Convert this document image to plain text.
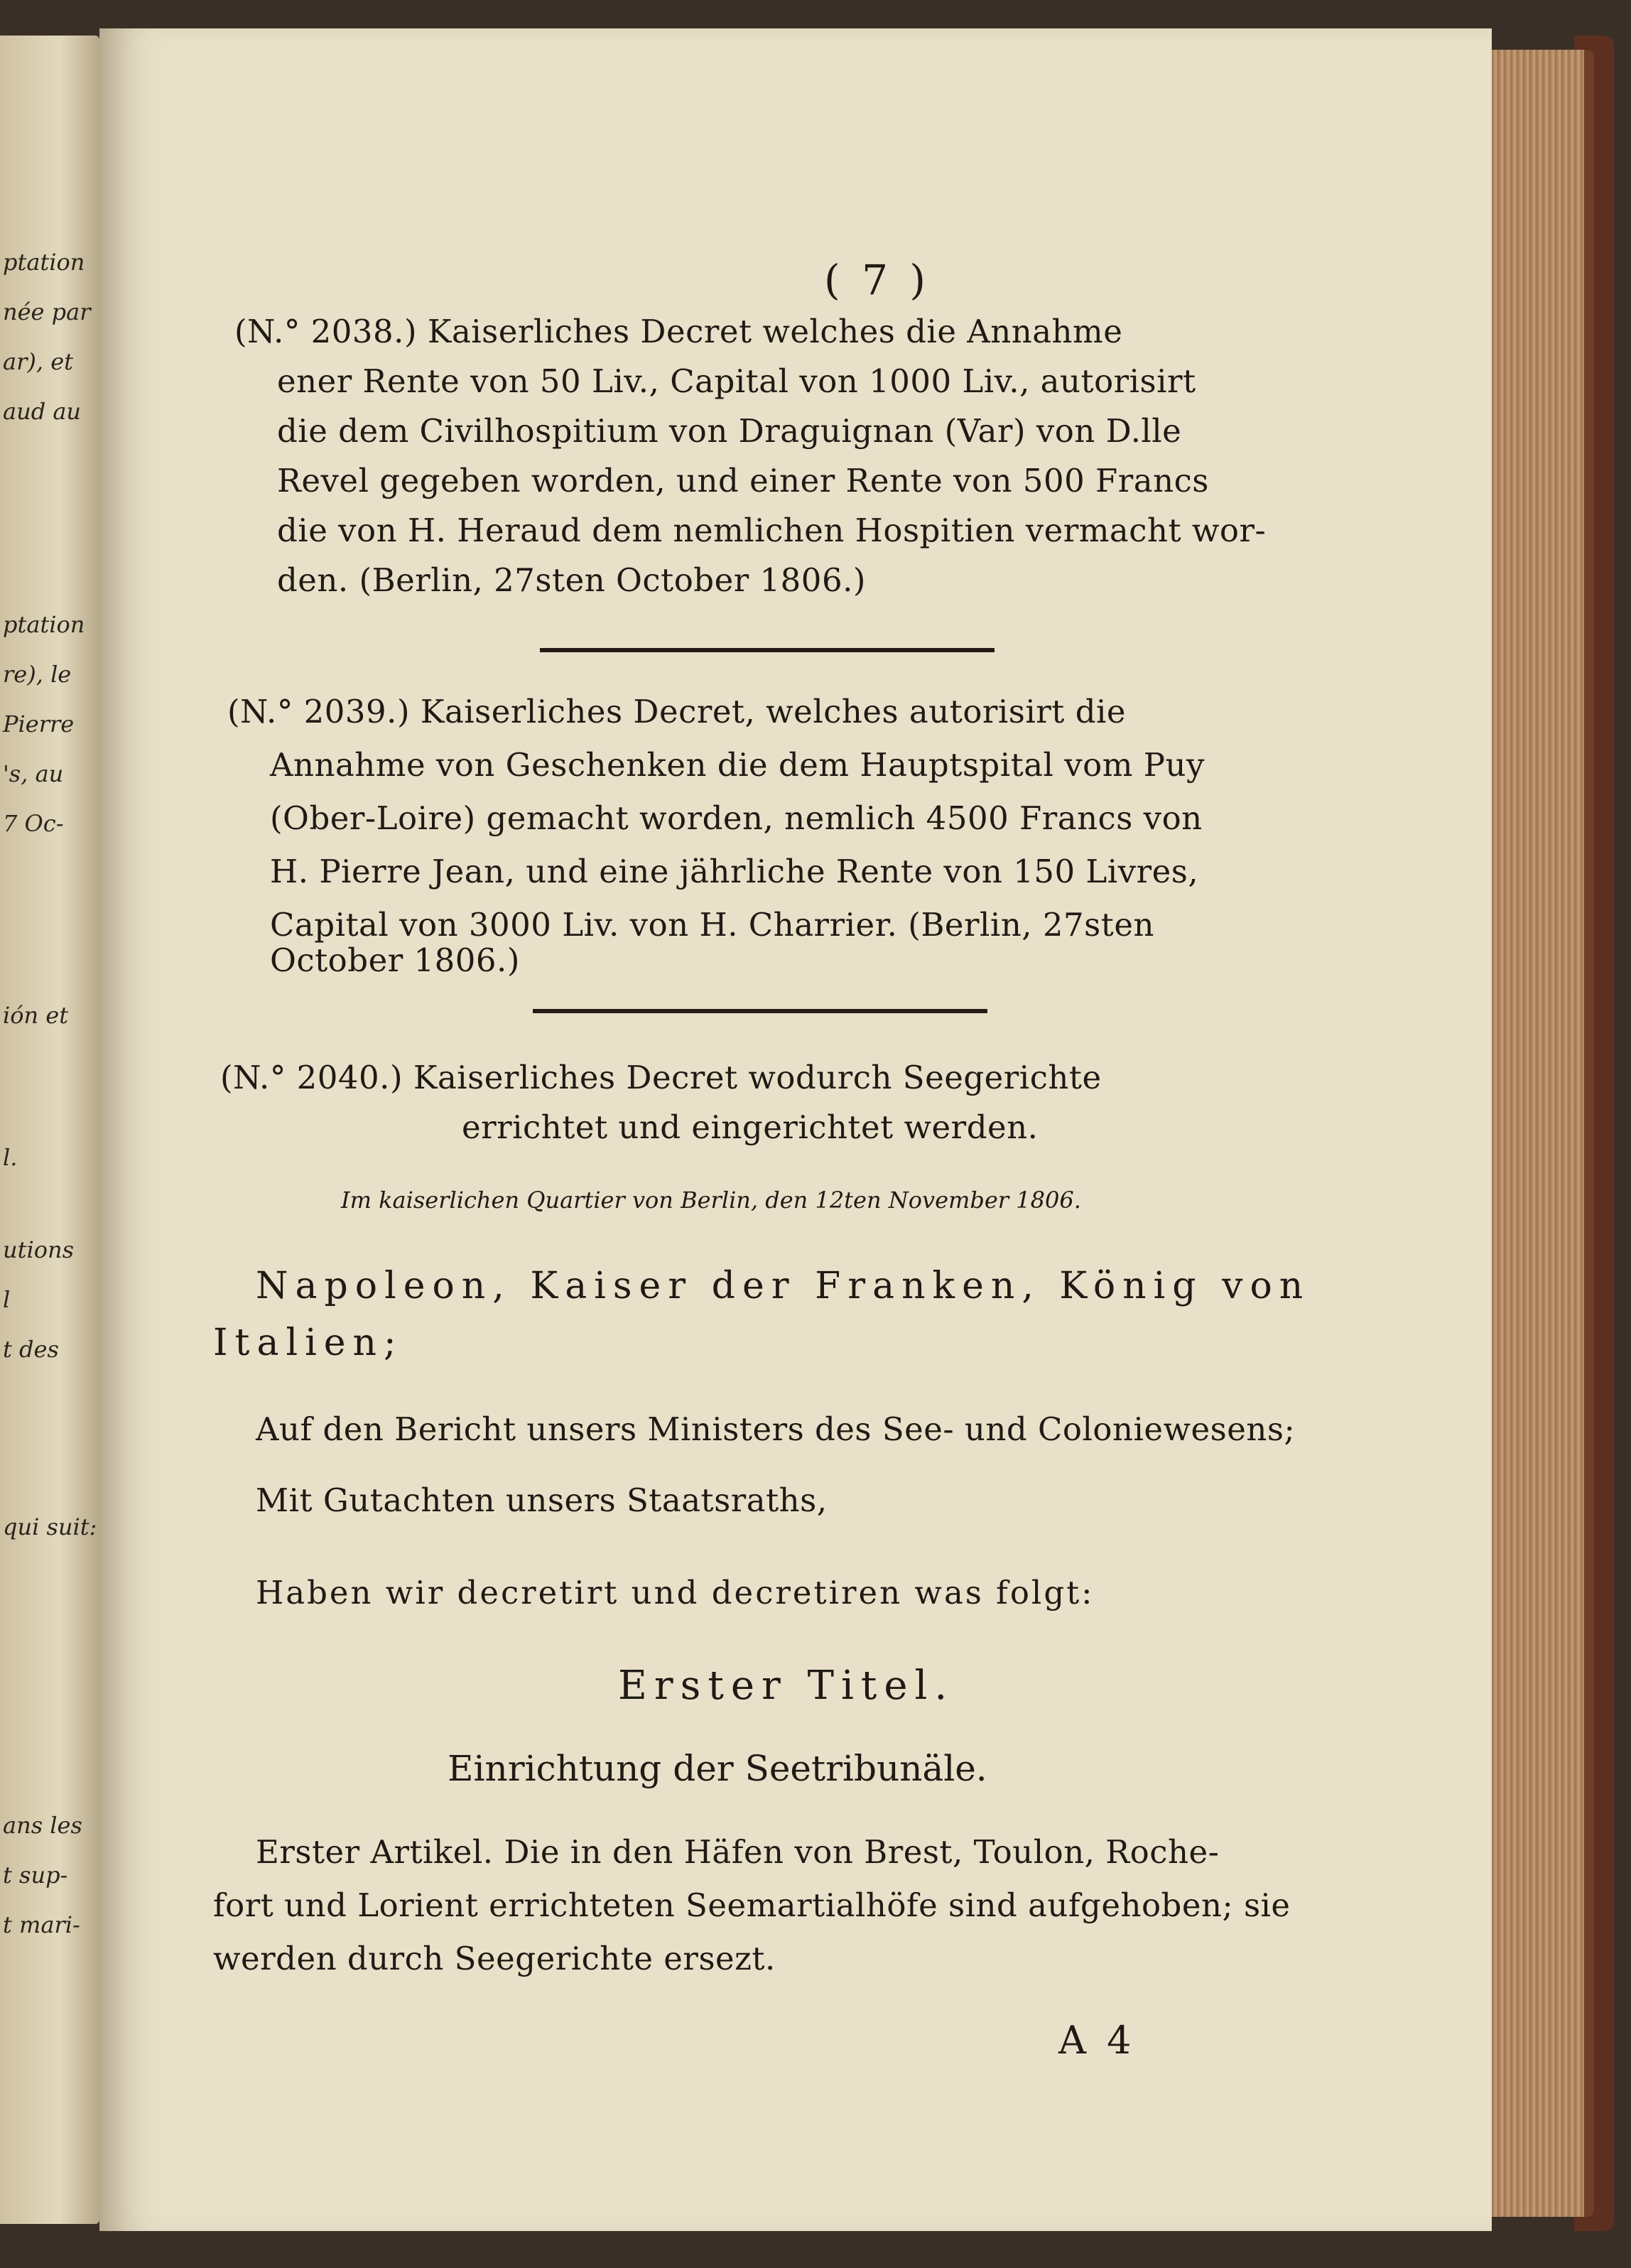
ptation
née par
ar), et
aud au
ptation
re), le
Pierre
's, au
7 Oc-
ión et
l.
utions
l
t des
qui suit:
ans les
t sup-
t mari-
( 7 )
(N.° 2038.) Kaiserliches Decret welches die Annahme
ener Rente von 50 Liv., Capital von 1000 Liv., autorisirt
die dem Civilhospitium von Draguignan (Var) von D.lle
Revel gegeben worden, und einer Rente von 500 Francs
die von H. Heraud dem nemlichen Hospitien vermacht wor-
den. (Berlin, 27sten October 1806.)
(N.° 2039.) Kaiserliches Decret, welches autorisirt die
Annahme von Geschenken die dem Hauptspital vom Puy
(Ober-Loire) gemacht worden, nemlich 4500 Francs von
H. Pierre Jean, und eine jährliche Rente von 150 Livres,
Capital von 3000 Liv. von H. Charrier. (Berlin, 27sten
October 1806.)
(N.° 2040.) Kaiserliches Decret wodurch Seegerichte
errichtet und eingerichtet werden.
Im kaiserlichen Quartier von Berlin, den 12ten November 1806.
Napoleon, Kaiser der Franken, König von
Italien;
Auf den Bericht unsers Ministers des See- und Coloniewesens;
Mit Gutachten unsers Staatsraths,
Haben wir decretirt und decretiren was folgt:
Erster Titel.
Einrichtung der Seetribunäle.
Erster Artikel. Die in den Häfen von Brest, Toulon, Roche-
fort und Lorient errichteten Seemartialhöfe sind aufgehoben; sie
werden durch Seegerichte ersezt.
A 4
